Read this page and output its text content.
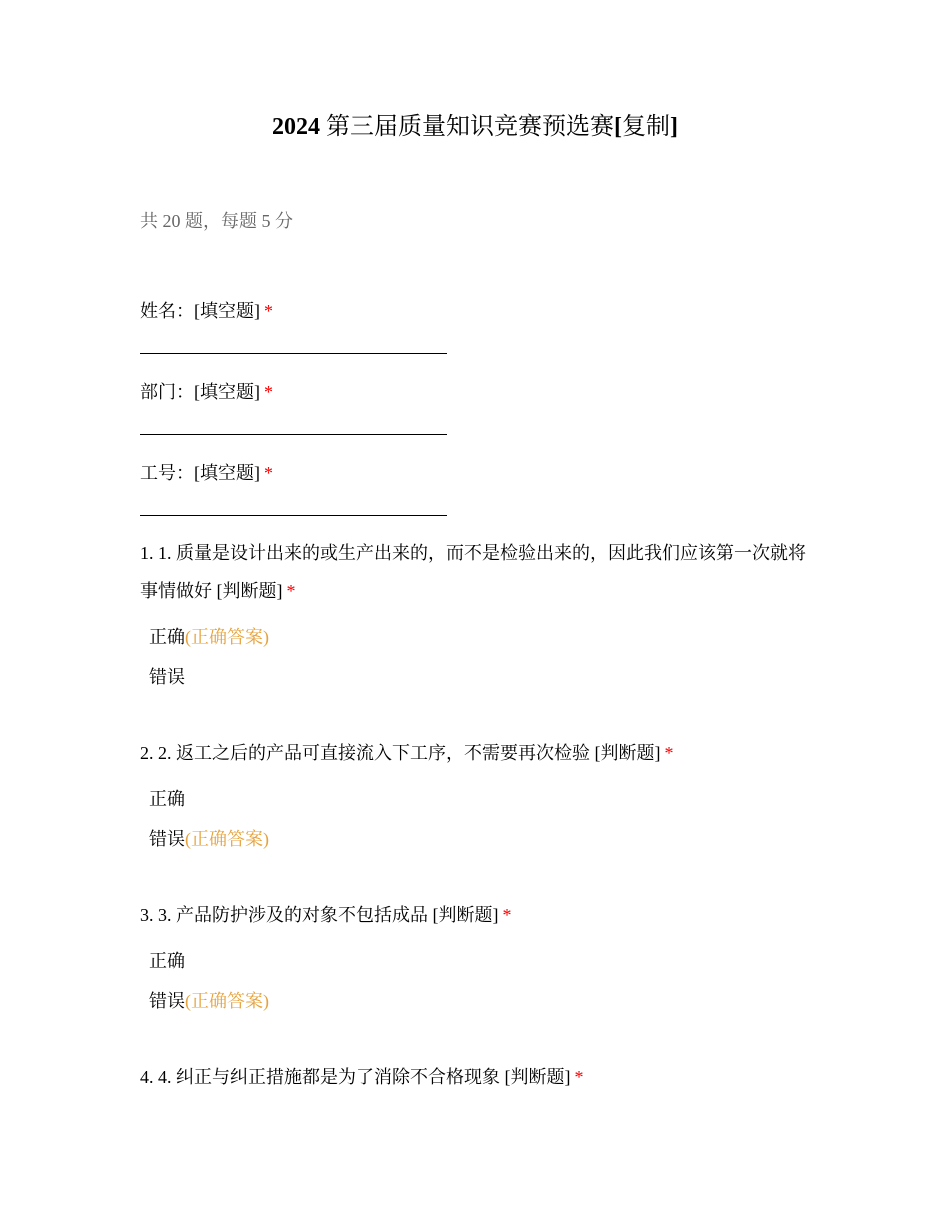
2024 第三届质量知识竞赛预选赛[复制]
共 20 题，每题 5 分
姓名：[填空题] *
部门：[填空题] *
工号：[填空题] *
1. 1. 质量是设计出来的或生产出来的，而不是检验出来的，因此我们应该第一次就将事情做好 [判断题] *
正确(正确答案)
错误
2. 2. 返工之后的产品可直接流入下工序，不需要再次检验 [判断题] *
正确
错误(正确答案)
3. 3. 产品防护涉及的对象不包括成品 [判断题] *
正确
错误(正确答案)
4. 4. 纠正与纠正措施都是为了消除不合格现象 [判断题] *
